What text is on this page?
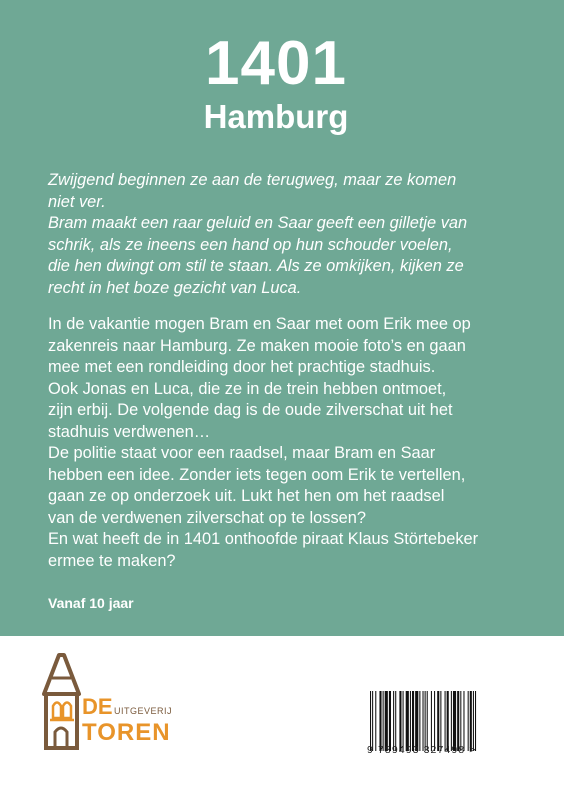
1401
Hamburg

Zwijgend beginnen ze aan de terugweg, maar ze komen
niet ver.
Bram maakt een raar geluid en Saar geeft een gilletje van
schrik, als ze ineens een hand op hun schouder voelen,
die hen dwingt om stil te staan. Als ze omkijken, kijken ze
recht in het boze gezicht van Luca.

In de vakantie mogen Bram en Saar met oom Erik mee op
zakenreis naar Hamburg. Ze maken mooie foto’s en gaan
mee met een rondleiding door het prachtige stadhuis.
Ook Jonas en Luca, die ze in de trein hebben ontmoet,
zijn erbij. De volgende dag is de oude zilverschat uit het
stadhuis verdwenen…
De politie staat voor een raadsel, maar Bram en Saar
hebben een idee. Zonder iets tegen oom Erik te vertellen,
gaan ze op onderzoek uit. Lukt het hen om het raadsel
van de verdwenen zilverschat op te lossen?
En wat heeft de in 1401 onthoofde piraat Klaus Störtebeker
ermee te maken?

Vanaf 10 jaar
DE UITGEVERIJ
TOREN
9 789493 327498 >
